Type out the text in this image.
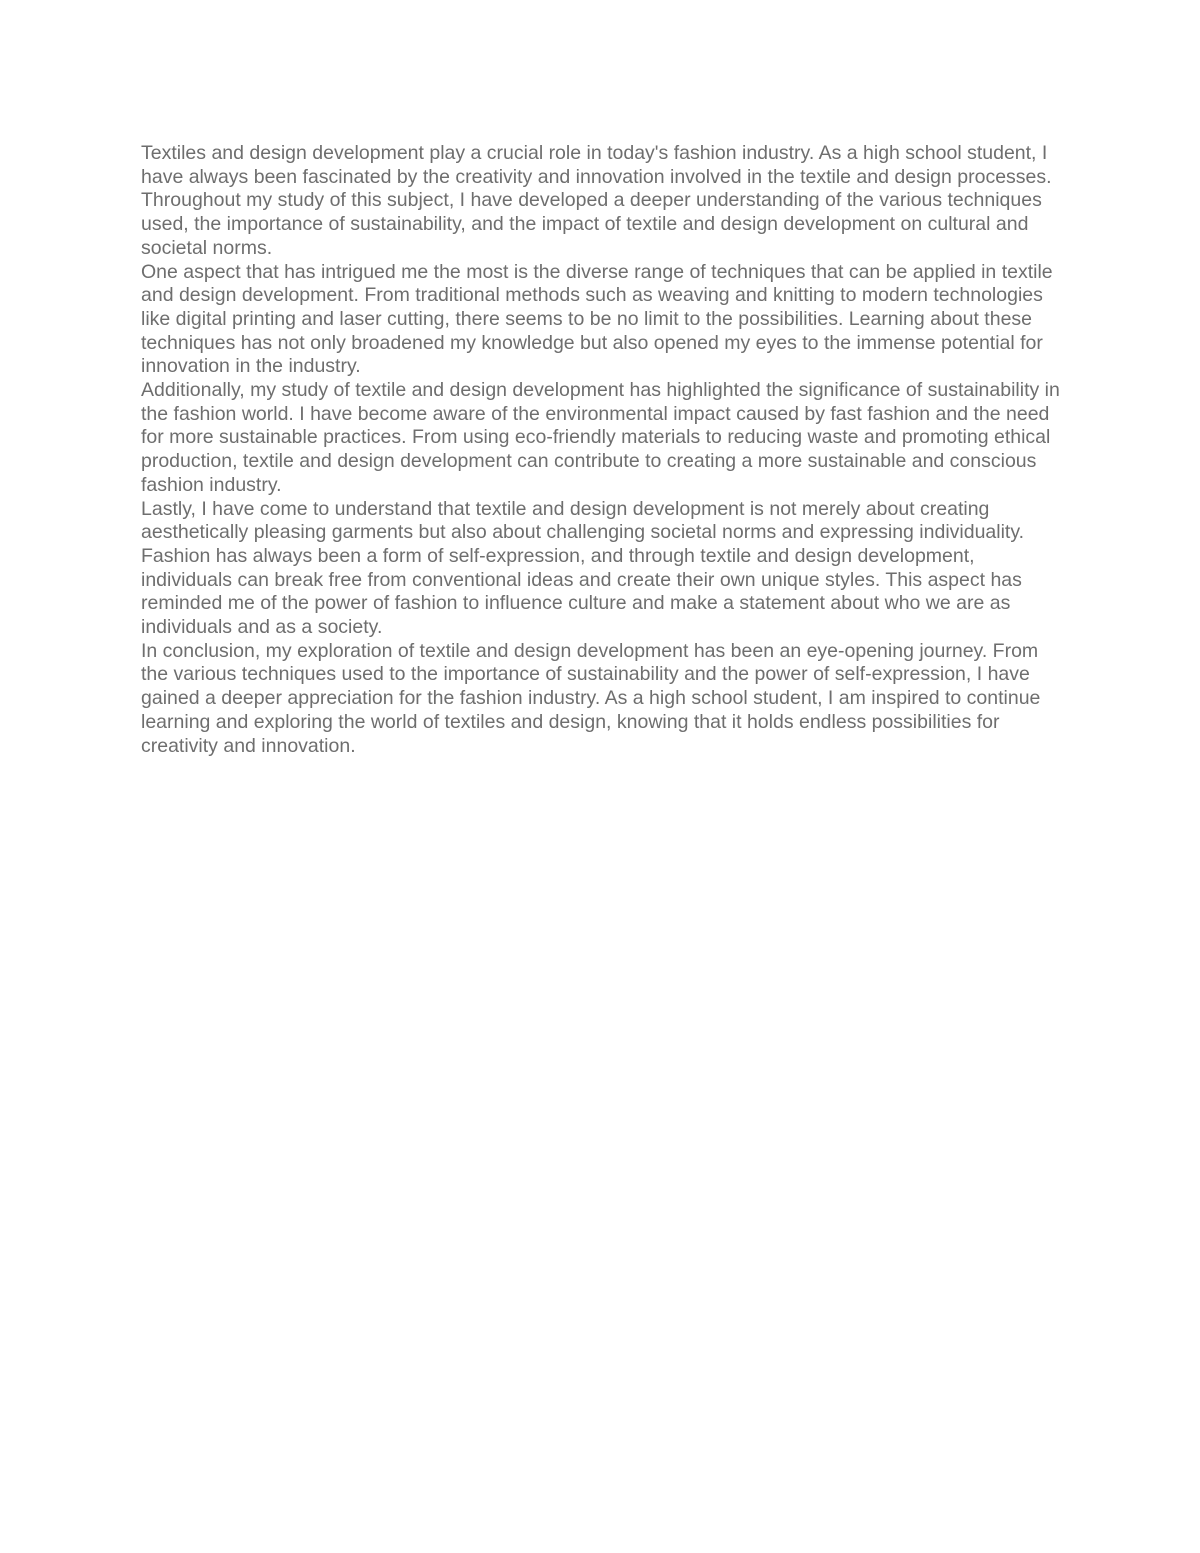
Textiles and design development play a crucial role in today's fashion industry. As a high school student, I have always been fascinated by the creativity and innovation involved in the textile and design processes. Throughout my study of this subject, I have developed a deeper understanding of the various techniques used, the importance of sustainability, and the impact of textile and design development on cultural and societal norms.

One aspect that has intrigued me the most is the diverse range of techniques that can be applied in textile and design development. From traditional methods such as weaving and knitting to modern technologies like digital printing and laser cutting, there seems to be no limit to the possibilities. Learning about these techniques has not only broadened my knowledge but also opened my eyes to the immense potential for innovation in the industry.

Additionally, my study of textile and design development has highlighted the significance of sustainability in the fashion world. I have become aware of the environmental impact caused by fast fashion and the need for more sustainable practices. From using eco-friendly materials to reducing waste and promoting ethical production, textile and design development can contribute to creating a more sustainable and conscious fashion industry.

Lastly, I have come to understand that textile and design development is not merely about creating aesthetically pleasing garments but also about challenging societal norms and expressing individuality. Fashion has always been a form of self-expression, and through textile and design development, individuals can break free from conventional ideas and create their own unique styles. This aspect has reminded me of the power of fashion to influence culture and make a statement about who we are as individuals and as a society.

In conclusion, my exploration of textile and design development has been an eye-opening journey. From the various techniques used to the importance of sustainability and the power of self-expression, I have gained a deeper appreciation for the fashion industry. As a high school student, I am inspired to continue learning and exploring the world of textiles and design, knowing that it holds endless possibilities for creativity and innovation.
